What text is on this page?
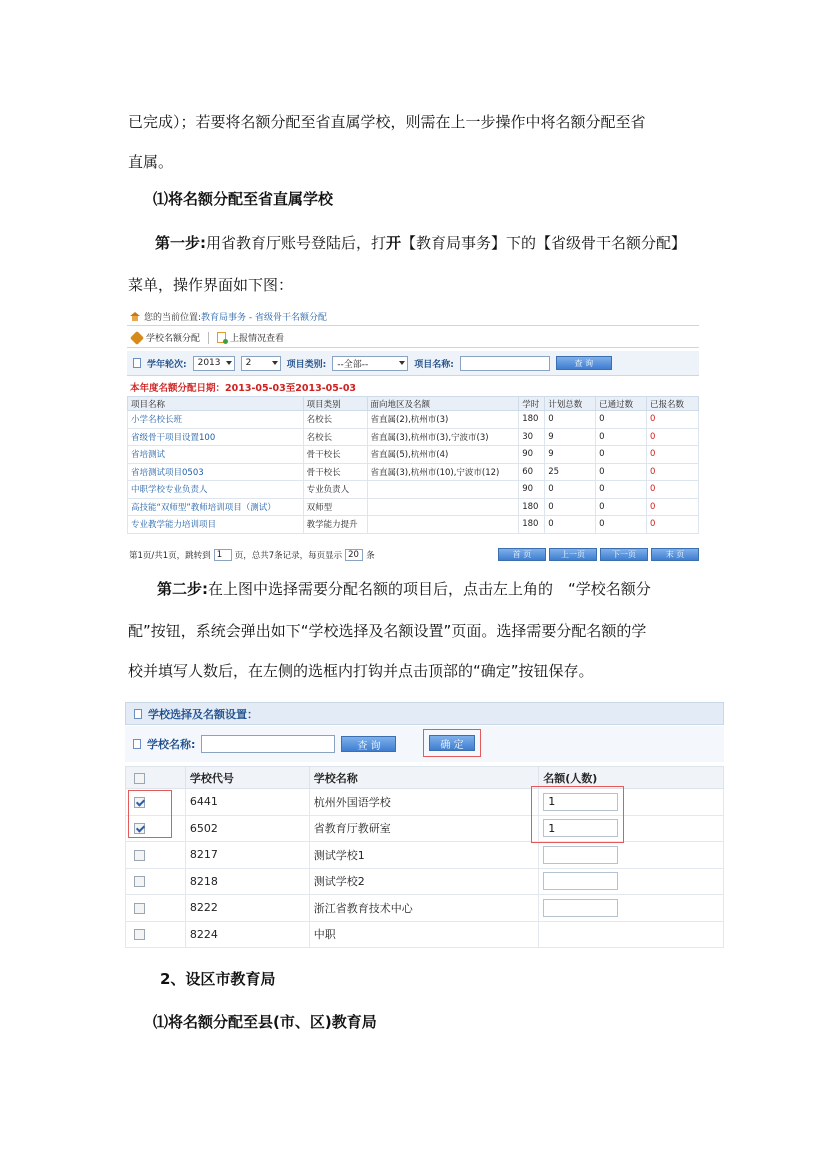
已完成）；若要将名额分配至省直属学校，则需在上一步操作中将名额分配至省
直属。
⑴将名额分配至省直属学校
第一步:用省教育厅账号登陆后，打开【教育局事务】下的【省级骨干名额分配】
菜单，操作界面如下图：
您的当前位置: 教育局事务 - 省级骨干名额分配
学校名额分配	上报情况查看
学年轮次: 2013	2	项目类别: --全部--	项目名称:	查 询
本年度名额分配日期：2013-05-03至2013-05-03
项目名称	项目类别	面向地区及名额	学时	计划总数	已通过数	已报名数
小学名校长班	名校长	省直属(2),杭州市(3)	180	0	0	0
省级骨干项目设置100	名校长	省直属(3),杭州市(3),宁波市(3)	30	9	0	0
省培测试	骨干校长	省直属(5),杭州市(4)	90	9	0	0
省培测试项目0503	骨干校长	省直属(3),杭州市(10),宁波市(12)	60	25	0	0
中职学校专业负责人	专业负责人		90	0	0	0
高技能“双师型”教师培训项目（测试）	双师型		180	0	0	0
专业教学能力培训项目	教学能力提升		180	0	0	0
第1页/共1页，跳转到 1	页，总共7条记录，每页显示 20 条	首 页	上一页	下一页	末 页
第二步:在上图中选择需要分配名额的项目后，点击左上角的　“学校名额分
配”按钮，系统会弹出如下“学校选择及名额设置”页面。选择需要分配名额的学
校并填写人数后，在左侧的选框内打钩并点击顶部的“确定”按钮保存。
学校选择及名额设置：
学校名称:	查 询	确 定
	学校代号	学校名称	名额(人数)
	6441	杭州外国语学校	1
	6502	省教育厅教研室	1
	8217	测试学校1	
	8218	测试学校2	
	8222	浙江省教育技术中心	
	8224	中职	
2、设区市教育局
⑴将名额分配至县(市、区)教育局
